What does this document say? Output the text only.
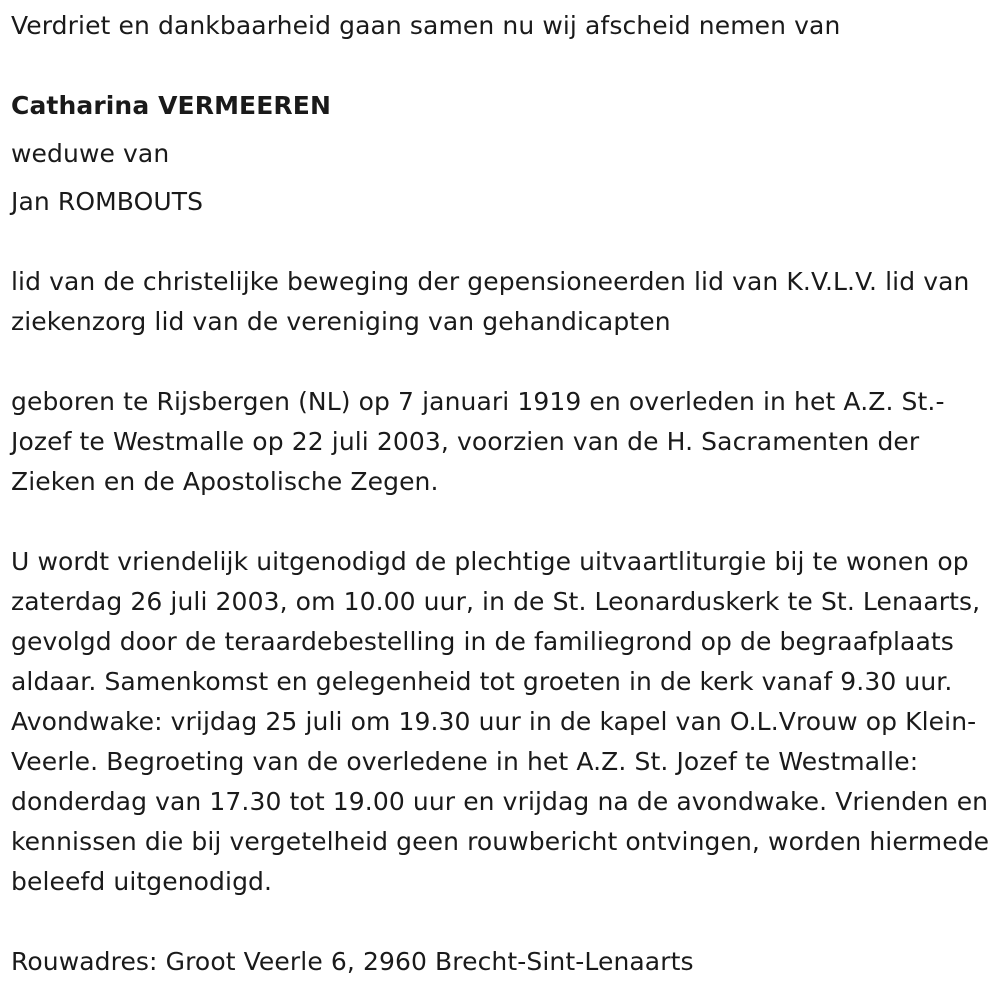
Verdriet en dankbaarheid gaan samen nu wij afscheid nemen van
Catharina VERMEEREN
weduwe van
Jan ROMBOUTS
lid van de christelijke beweging der gepensioneerden lid van K.V.L.V. lid van ziekenzorg lid van de vereniging van gehandicapten
geboren te Rijsbergen (NL) op 7 januari 1919 en overleden in het A.Z. St.-Jozef te Westmalle op 22 juli 2003, voorzien van de H. Sacramenten der Zieken en de Apostolische Zegen.
U wordt vriendelijk uitgenodigd de plechtige uitvaartliturgie bij te wonen op zaterdag 26 juli 2003, om 10.00 uur, in de St. Leonarduskerk te St. Lenaarts, gevolgd door de teraardebestelling in de familiegrond op de begraafplaats aldaar. Samenkomst en gelegenheid tot groeten in de kerk vanaf 9.30 uur. Avondwake: vrijdag 25 juli om 19.30 uur in de kapel van O.L.Vrouw op Klein-Veerle. Begroeting van de overledene in het A.Z. St. Jozef te Westmalle: donderdag van 17.30 tot 19.00 uur en vrijdag na de avondwake. Vrienden en kennissen die bij vergetelheid geen rouwbericht ontvingen, worden hiermede beleefd uitgenodigd.
Rouwadres: Groot Veerle 6, 2960 Brecht-Sint-Lenaarts
